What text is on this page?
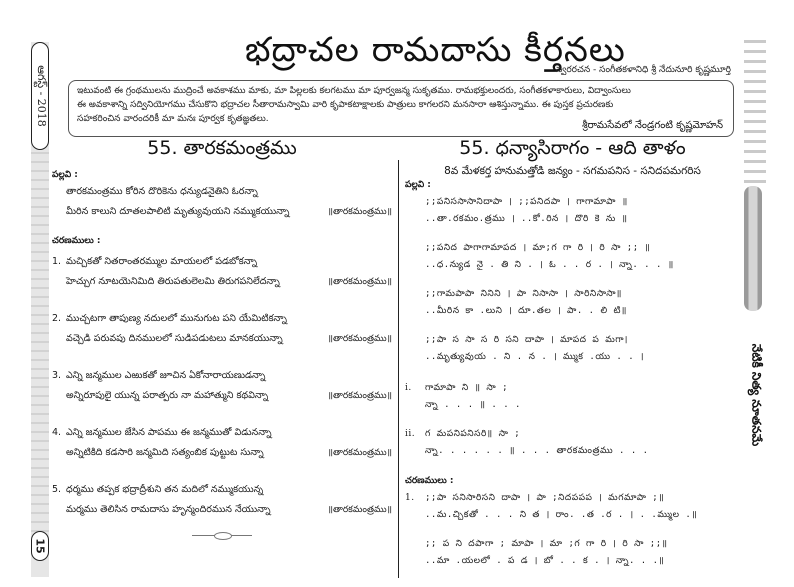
ఆగస్ట్ - 2018
15
నేటికీ నిత్య నూతనమే
భద్రాచల రామదాసు కీర్తనలు
స్వరరచన - సంగీతకళానిధి శ్రీ నేదునూరి కృష్ణమూర్తి

ఇటువంటి ఈ గ్రంథములను ముద్రించే అవకాశము మాకు, మా పిల్లలకు కలగటము మా పూర్వజన్మ సుకృతము. రామభక్తులందరు, సంగీతకళాకారులు, విద్వాంసులు

ఈ అవకాశాన్ని సద్వినియోగము చేసుకొని భద్రాచల సీతారామస్వామి వారి కృపాకటాక్షాలకు పాత్రులు కాగలరని మనసారా ఆశిస్తున్నాము. ఈ పుస్తక ప్రచురణకు

సహకరించిన వారందరికీ మా మనః పూర్వక కృతజ్ఞతలు.

శ్రీరామసేవలో నేండ్రగంటి కృష్ణమోహన్
55. తారకమంత్రము
పల్లవి :
తారకమంత్రము కోరిన దొరికెను ధన్యుడనైతిని ఓరన్నా
మీరిన కాలుని దూతలపాలిటి మృత్యువుయని నమ్ముకయున్నా	॥తారకమంత్రము॥
చరణములు :
1. మచ్చికతో నితరాంతరమ్ముల మాయలలో పడబోకన్నా
హెచ్చుగ నూటయెనిమిది తిరుపతులెలమి తిరుగపనిలేదన్నా	॥తారకమంత్రము॥
2. ముచ్చటగా తాపుణ్య నదులలో మునుగుట పని యేమిటికన్నా
వచ్చెడి పరువపు దినములలో సుడిపడుటలు మానకయున్నా	॥తారకమంత్రము॥
3. ఎన్ని జన్మముల ఎఱుకతో జూచిన ఏకోనారాయణుడన్నా
అన్నిరూపులై యున్న పరాత్పరు నా మహాత్ముని కథవిన్నా	॥తారకమంత్రము॥
4. ఎన్ని జన్మముల జేసిన పాపము ఈ జన్మముతో విడునన్నా
అన్నిటికిది కడసారి జన్మమిది సత్యంబిక పుట్టుట సున్నా	॥తారకమంత్రము॥
5. ధర్మము తప్పక భద్రాద్రీశుని తన మదిలో నమ్ముకయున్న
మర్మము తెలిసిన రామదాసు హృన్మందిరమున నేయున్నా	॥తారకమంత్రము॥
55. ధన్యాసిరాగం - ఆది తాళం
8వ మేళకర్త హనుమత్తోడి జన్యం - సగమపనిస - సనిదపమగరిస
పల్లవి :
;;పనిససాసానిదాపా । ;;పనిదపా । గాగామాపా ॥
..తా.రకమం.త్రము । ..కో.రిన । దొరి కె ను ॥
;;పనిద పాగాగామాపద । మా;గ గా రి । రి సా ;; ॥
..ధ.న్యుడ నై . తి ని . । ఓ . . ర . । న్నా. . . ॥
;;గామపాపా నినిని । పా నిసాసా । సారినిసాసా॥
..మీరిన కా .లుని । దూ.తల । పా. . లి టి॥
;;పా స సా స రి సని దాపా । మాపద ప మగా।
..మృత్యువుయ . ని . న . । మ్ముక .యు . . ।
i. గామాపా ని ॥ సా ;
న్నా . . . ॥ . . .
ii. గ మపనిపనిసరి॥ సా ;
న్నా. . . . . . ॥ . . . తారకమంత్రము . . .
చరణములు :
1. ;;పా సనిసారిసని దాపా । పా ;నిదపపప । మగమాపా ;॥
..మ.చ్చికతో . . . ని త । రాం. .త .ర . । . .మ్ముల .॥
;; ప ని దపాగా ; మాపా । మా ;గ గా రి । రి సా ;;॥
..మా .యలలో . ప డ । బో . . క . । న్నా. . .॥
